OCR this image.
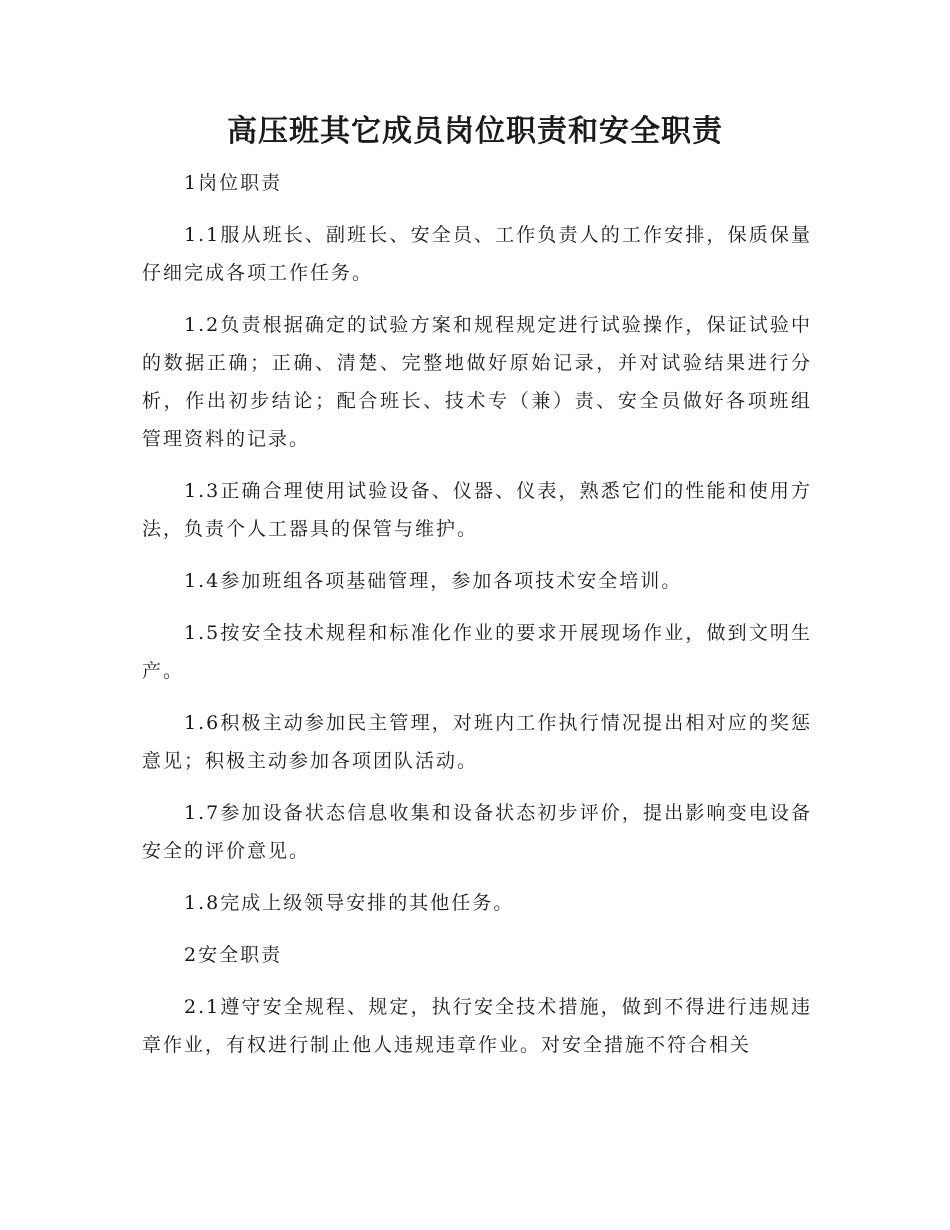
高压班其它成员岗位职责和安全职责

1岗位职责

1.1服从班长、副班长、安全员、工作负责人的工作安排，保质保量仔细完成各项工作任务。

1.2负责根据确定的试验方案和规程规定进行试验操作，保证试验中的数据正确；正确、清楚、完整地做好原始记录，并对试验结果进行分析，作出初步结论；配合班长、技术专（兼）责、安全员做好各项班组管理资料的记录。

1.3正确合理使用试验设备、仪器、仪表，熟悉它们的性能和使用方法，负责个人工器具的保管与维护。

1.4参加班组各项基础管理，参加各项技术安全培训。

1.5按安全技术规程和标准化作业的要求开展现场作业，做到文明生产。

1.6积极主动参加民主管理，对班内工作执行情况提出相对应的奖惩意见；积极主动参加各项团队活动。

1.7参加设备状态信息收集和设备状态初步评价，提出影响变电设备安全的评价意见。

1.8完成上级领导安排的其他任务。

2安全职责

2.1遵守安全规程、规定，执行安全技术措施，做到不得进行违规违章作业，有权进行制止他人违规违章作业。对安全措施不符合相关
